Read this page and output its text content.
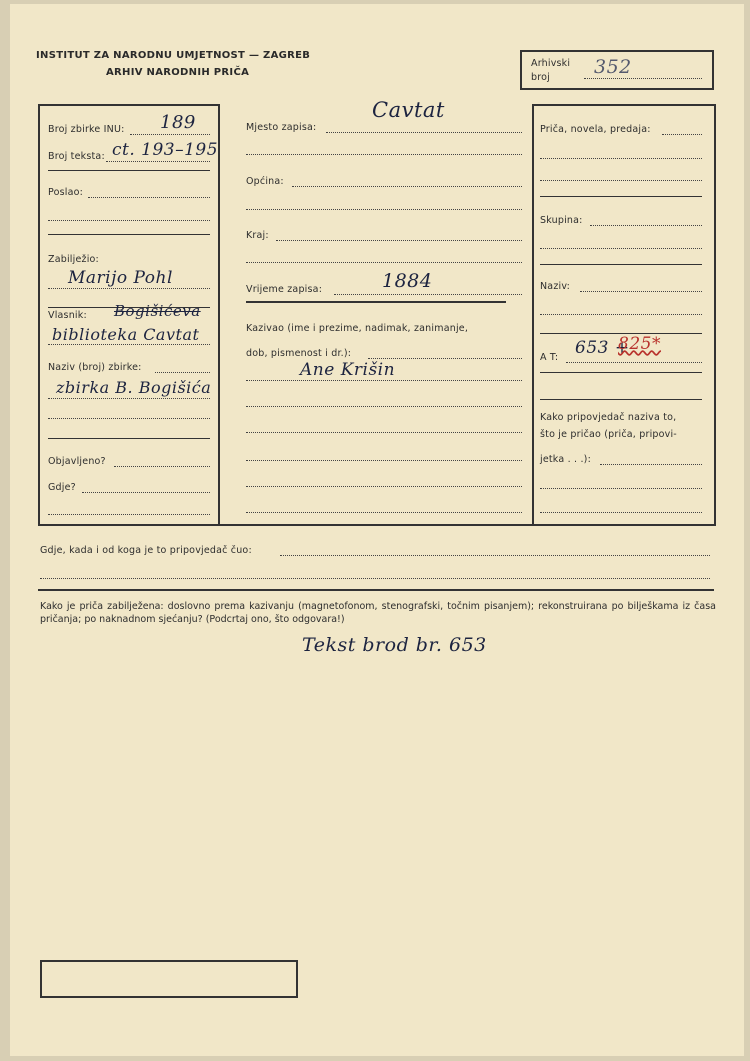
INSTITUT ZA NARODNU UMJETNOST — ZAGREB
ARHIV NARODNIH PRIČA
Arhivski
broj 352
Broj zbirke INU: 189
Broj teksta: ct. 193–195
Poslao:
Zabilježio:
Marijo Pohl
Vlasnik: Bogišićeva
biblioteka Cavtat
Naziv (broj) zbirke:
zbirka B. Bogišića
Objavljeno?
Gdje?
Mjesto zapisa:
Cavtat
Općina:
Kraj:
Vrijeme zapisa:	1884
Kazivao (ime i prezime, nadimak, zanimanje,
dob, pismenost i dr.):
Ane Krišin
Priča, novela, predaja:
Skupina:
Naziv:
A T: 653 +
825*
Kako pripovjedač naziva to,
što je pričao (priča, pripovi-
jetka . . .):
Gdje, kada i od koga je to pripovjedač čuo:
Kako je priča zabilježena: doslovno prema kazivanju (magnetofonom, stenografski, točnim pisanjem); rekonstruirana po bilješkama iz časa pričanja; po naknadnom sjećanju? (Podcrtaj ono, što odgovara!)
Tekst brod br. 653
